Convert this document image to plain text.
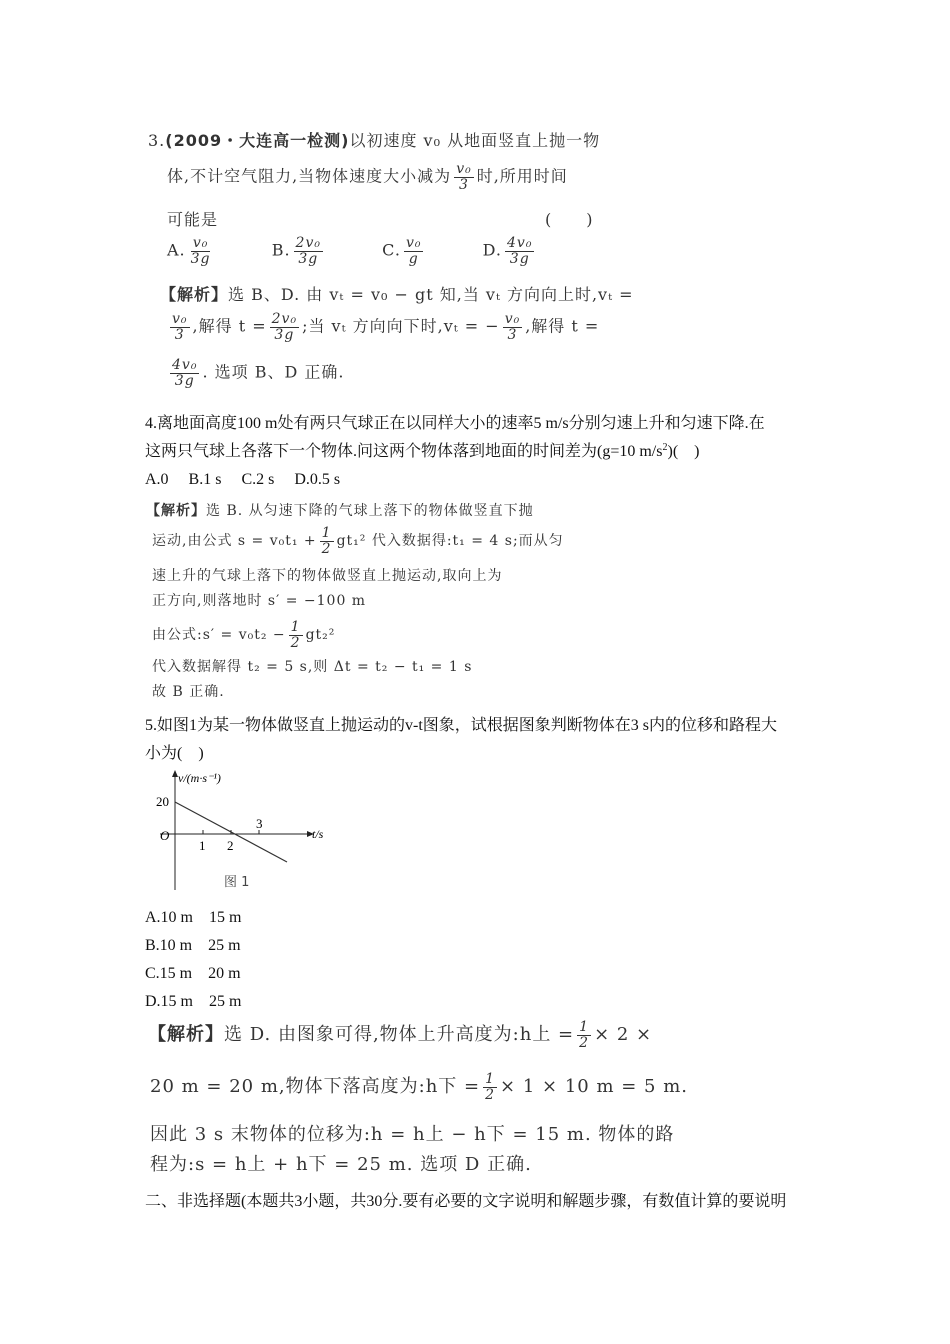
3.(2009・大连高一检测)以初速度 v₀ 从地面竖直上抛一物
体,不计空气阻力,当物体速度大小减为 $\frac{\text{v₀}}{3}$ 时,所用时间
可能是	(　　)
A. $\frac{\text{v₀}}{3g}$	B. $\frac{\text{2v₀}}{3g}$	C. $\frac{\text{v₀}}{g}$	D. $\frac{\text{4v₀}}{3g}$
【解析】选 B、D. 由 vₜ = v₀ − gt 知,当 vₜ 方向向上时,vₜ =
$\frac{\text{v₀}}{3}$ ,解得 $t = \frac{\text{2v₀}}{3g}$ ;当 vₜ 方向向下时,vₜ = − $\frac{\text{v₀}}{3}$ ,解得 t =
$\frac{\text{4v₀}}{3g}$ . 选项 B、D 正确.
4.离地面高度100 m处有两只气球正在以同样大小的速率5 m/s分别匀速上升和匀速下降.在
这两只气球上各落下一个物体.问这两个物体落到地面的时间差为(g=10 $m/s^2$)(　)
A.0　 B.1 s　 C.2 s　 D.0.5 s
【解析】选 B. 从匀速下降的气球上落下的物体做竖直下抛
运动,由公式 $s = v_0t_1 + \frac{1}{2} gt_1^2$ 代入数据得:t₁ = 4 s;而从匀
速上升的气球上落下的物体做竖直上抛运动,取向上为
正方向,则落地时 s′ = −100 m
由公式:s′ = $v_0t_2 - \frac{1}{2} gt_2^2$
代入数据解得 t₂ = 5 s,则 Δt = t₂ − t₁ = 1 s
故 B 正确.
5.如图1为某一物体做竖直上抛运动的v-t图象，试根据图象判断物体在3 s内的位移和路程大
小为(　)
v/(m·s⁻¹)
t/s
20
O
1 2
3
图 1
A.10 m　15 m
B.10 m　25 m
C.15 m　20 m
D.15 m　25 m
【解析】选 D. 由图象可得,物体上升高度为:h上 = $\frac{1}{2} \times 2$ ×
20 m = 20 m,物体下落高度为:h下 = $\frac{1}{2} \times 1 \times 10$ m = 5 m.
因此 3 s 末物体的位移为:h = h上 − h下 = 15 m. 物体的路
程为:s = h上 + h下 = 25 m. 选项 D 正确.
二、非选择题(本题共3小题，共30分.要有必要的文字说明和解题步骤，有数值计算的要说明
